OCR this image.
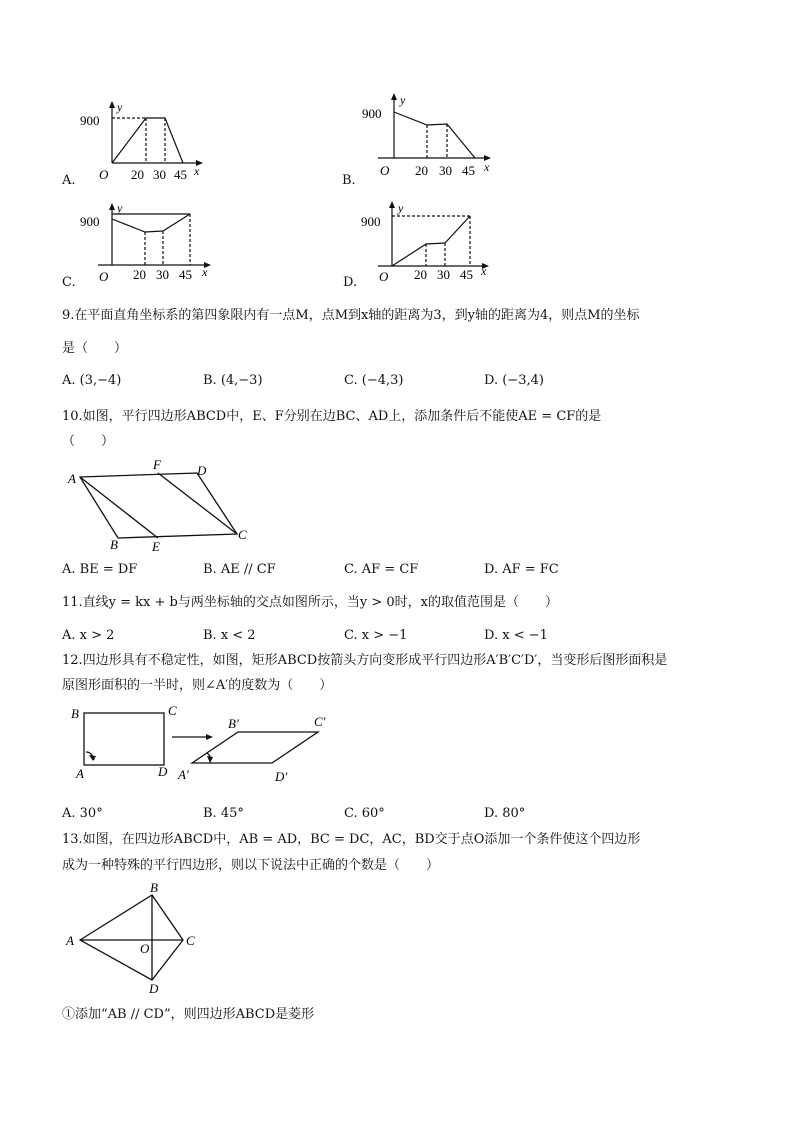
A.
900
y
O 20 30 45 x
B.
900
y
O 20 30 45 x
C.
900
y
O 20 30 45 x
D.
900
y
O 20 30 45 x
9.在平面直角坐标系的第四象限内有一点M，点M到x轴的距离为3，到y轴的距离为4，则点M的坐标
是（　　）
A. (3,−4)	B. (4,−3)	C. (−4,3)	D. (−3,4)
10.如图，平行四边形ABCD中，E、F分别在边BC、AD上，添加条件后不能使AE = CF的是
（　　）
A
F	D
C
B	E
A. BE = DF	B. AE // CF	C. AF = CF	D. AF = FC
11.直线y = kx + b与两坐标轴的交点如图所示，当y > 0时，x的取值范围是（　　）
A. x > 2	B. x < 2	C. x > −1	D. x < −1
12.四边形具有不稳定性，如图，矩形ABCD按箭头方向变形成平行四边形A′B′C′D′，当变形后图形面积是
原图形面积的一半时，则∠A′的度数为（　　）
B	C
A	D
B′	C′
A′	D′
A. 30°	B. 45°	C. 60°	D. 80°
13.如图，在四边形ABCD中，AB = AD，BC = DC，AC，BD交于点O添加一个条件使这个四边形
成为一种特殊的平行四边形，则以下说法中正确的个数是（　　）
B
A
O
C
D
①添加“AB // CD”，则四边形ABCD是菱形
